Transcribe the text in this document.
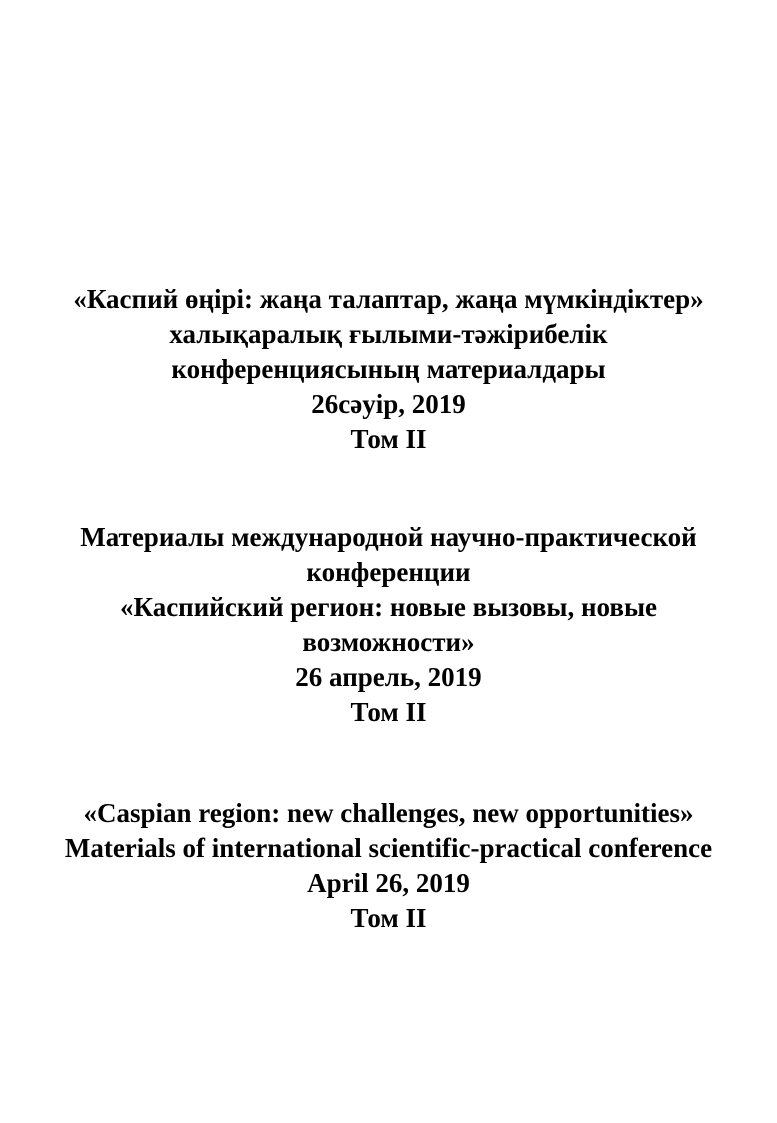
«Каспий өңірі: жаңа талаптар, жаңа мүмкіндіктер»
халықаралық ғылыми-тәжірибелік
конференциясының материалдары
26сәуір, 2019
Том II
Материалы международной научно-практической
конференции
«Каспийский регион: новые вызовы, новые
возможности»
26 апрель, 2019
Том II
«Caspian region: new challenges, new opportunities»
Materials of international scientific-practical conference
April 26, 2019
Том II
